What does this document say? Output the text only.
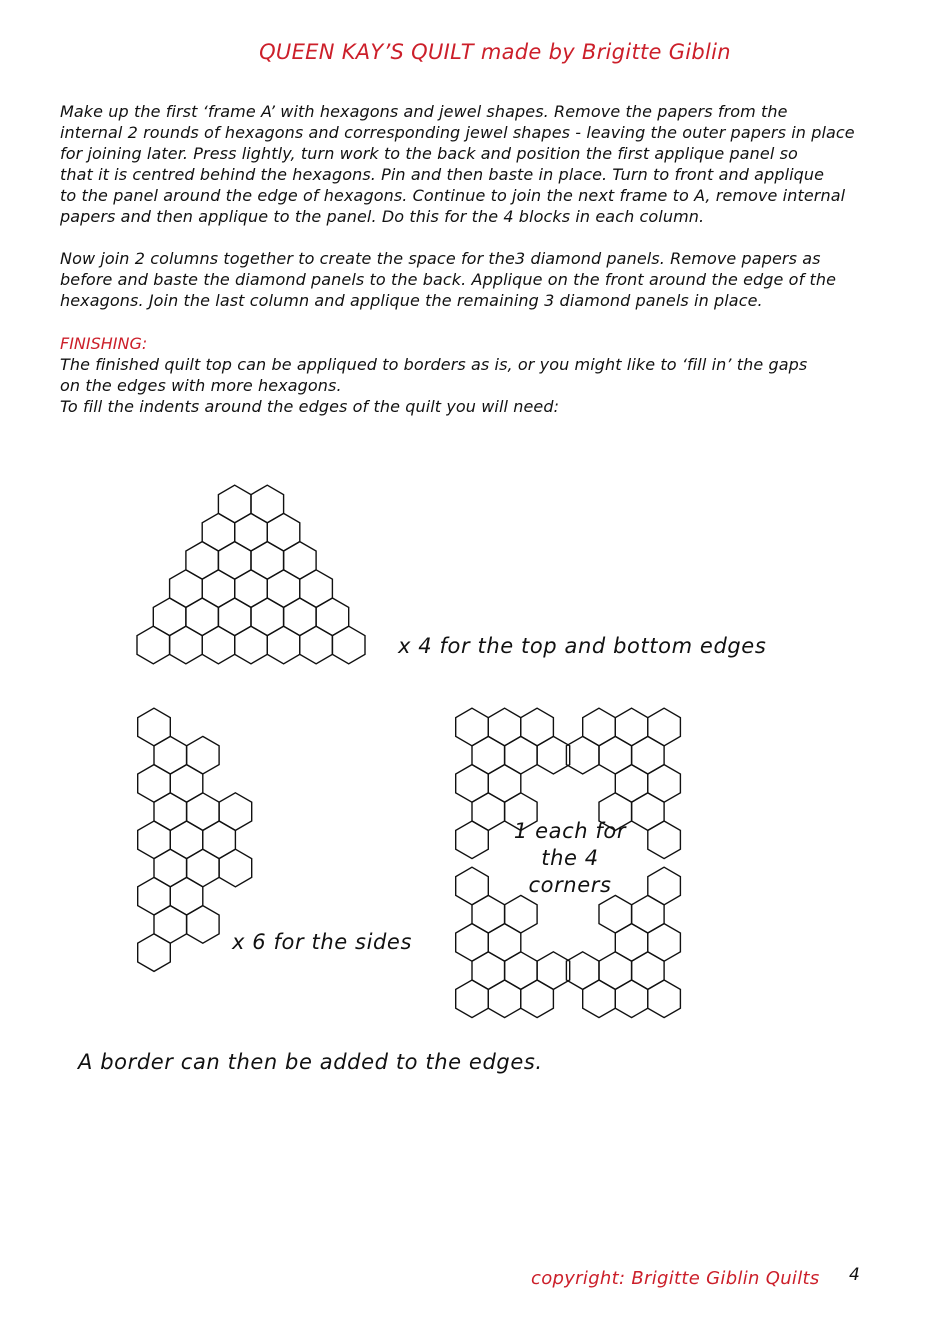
QUEEN KAY’S QUILT made by Brigitte Giblin
Make up the first ‘frame A’ with hexagons and jewel shapes. Remove the papers from the
internal 2 rounds of hexagons and corresponding jewel shapes - leaving the outer papers in place
for joining later. Press lightly, turn work to the back and position the first applique panel so
that it is centred behind the hexagons. Pin and then baste in place. Turn to front and applique
to the panel around the edge of hexagons. Continue to join the next frame to A, remove internal
papers and then applique to the panel. Do this for the 4 blocks in each column.
Now join 2 columns together to create the space for the3 diamond panels. Remove papers as
before and baste the diamond panels to the back. Applique on the front around the edge of the
hexagons. Join the last column and applique the remaining 3 diamond panels in place.
FINISHING:
The finished quilt top can be appliqued to borders as is, or you might like to ‘fill in’ the gaps
on the edges with more hexagons.
To fill the indents around the edges of the quilt you will need:
x 4 for the top and bottom edges
x 6 for the sides
1 each for
the 4
corners
A border can then be added to the edges.
copyright: Brigitte Giblin Quilts 4
